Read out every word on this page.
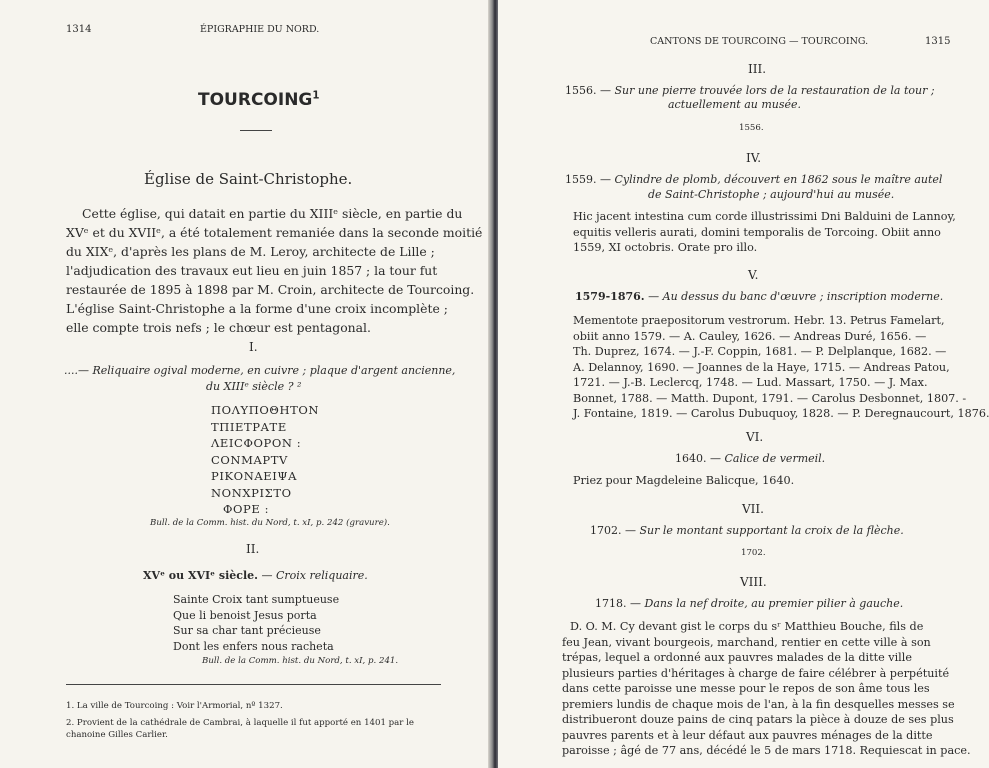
1314	ÉPIGRAPHIE DU NORD.
TOURCOING$^1$
Église de Saint-Christophe.
Cette église, qui datait en partie du XIIIᵉ siècle, en partie du
XVᵉ et du XVIIᵉ, a été totalement remaniée dans la seconde moitié
du XIXᵉ, d'après les plans de M. Leroy, architecte de Lille ;
l'adjudication des travaux eut lieu en juin 1857 ; la tour fut
restaurée de 1895 à 1898 par M. Croin, architecte de Tourcoing.
L'église Saint-Christophe a la forme d'une croix incomplète ;
elle compte trois nefs ; le chœur est pentagonal.
I.
....— Reliquaire ogival moderne, en cuivre ; plaque d'argent ancienne,
du XIIIᵉ siècle ? ²
ΠΟΛΥΠΟΘΗΤΟΝ
ΤΠΙΕΤΡΑΤΕ
ΛΕΙCΦΟΡΟΝ :
CONMAPTV
ΡΙΚΟΝΑΕΙΨΑ
ΝΟΝΧΡΙΣΤΟ
ΦΟΡΕ :
Bull. de la Comm. hist. du Nord, t. xI, p. 242 (gravure).
II.
XVᵉ ou XVIᵉ siècle. — Croix reliquaire.
Sainte Croix tant sumptueuse
Que li benoist Jesus porta
Sur sa char tant précieuse
Dont les enfers nous racheta
Bull. de la Comm. hist. du Nord, t. xI, p. 241.
1. La ville de Tourcoing : Voir l'Armorial, nº 1327.
2. Provient de la cathédrale de Cambrai, à laquelle il fut apporté en 1401 par le
chanoine Gilles Carlier.
CANTONS DE TOURCOING — TOURCOING.	1315
III.
1556. — Sur une pierre trouvée lors de la restauration de la tour ;
actuellement au musée.
1556.
IV.
1559. — Cylindre de plomb, découvert en 1862 sous le maître autel
de Saint-Christophe ; aujourd'hui au musée.
Hic jacent intestina cum corde illustrissimi Dni Balduini de Lannoy,
equitis velleris aurati, domini temporalis de Torcoing. Obiit anno
1559, XI octobris. Orate pro illo.
V.
1579-1876. — Au dessus du banc d'œuvre ; inscription moderne.
Mementote praepositorum vestrorum. Hebr. 13. Petrus Famelart,
obiit anno 1579. — A. Cauley, 1626. — Andreas Duré, 1656. —
Th. Duprez, 1674. — J.-F. Coppin, 1681. — P. Delplanque, 1682. —
A. Delannoy, 1690. — Joannes de la Haye, 1715. — Andreas Patou,
1721. — J.-B. Leclercq, 1748. — Lud. Massart, 1750. — J. Max.
Bonnet, 1788. — Matth. Dupont, 1791. — Carolus Desbonnet, 1807. -
J. Fontaine, 1819. — Carolus Dubuquoy, 1828. — P. Deregnaucourt, 1876.
VI.
1640. — Calice de vermeil.
Priez pour Magdeleine Balicque, 1640.
VII.
1702. — Sur le montant supportant la croix de la flèche.
1702.
VIII.
1718. — Dans la nef droite, au premier pilier à gauche.
D. O. M. Cy devant gist le corps du sʳ Matthieu Bouche, fils de
feu Jean, vivant bourgeois, marchand, rentier en cette ville à son
trépas, lequel a ordonné aux pauvres malades de la ditte ville
plusieurs parties d'héritages à charge de faire célébrer à perpétuité
dans cette paroisse une messe pour le repos de son âme tous les
premiers lundis de chaque mois de l'an, à la fin desquelles messes se
distribueront douze pains de cinq patars la pièce à douze de ses plus
pauvres parents et à leur défaut aux pauvres ménages de la ditte
paroisse ; âgé de 77 ans, décédé le 5 de mars 1718. Requiescat in pace.
